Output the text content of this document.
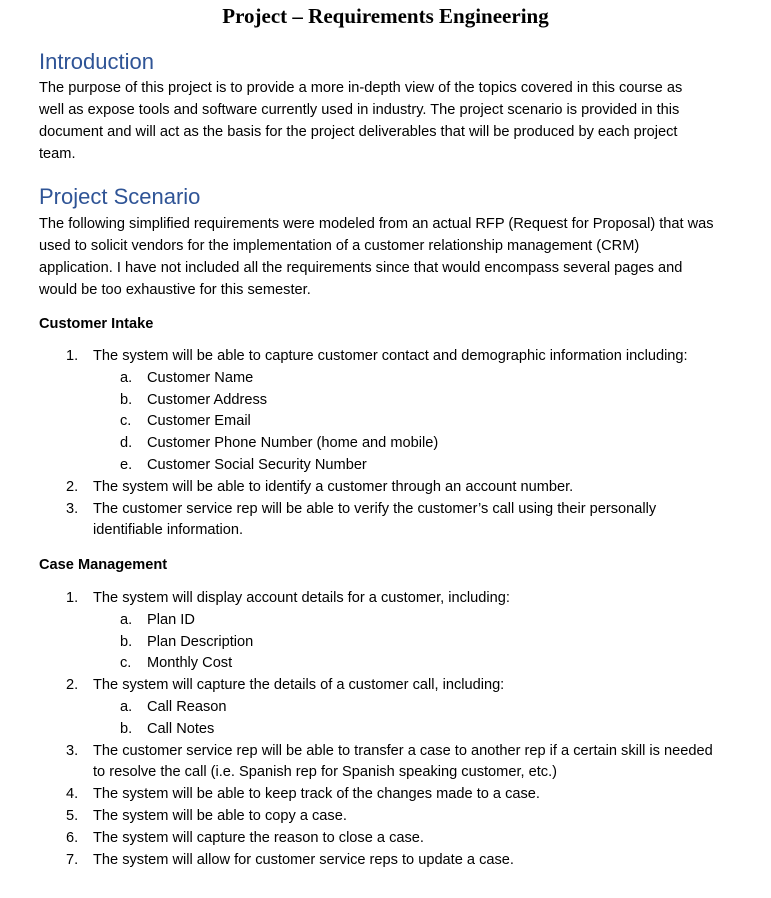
Project – Requirements Engineering
Introduction
The purpose of this project is to provide a more in-depth view of the topics covered in this course as
well as expose tools and software currently used in industry. The project scenario is provided in this
document and will act as the basis for the project deliverables that will be produced by each project
team.
Project Scenario
The following simplified requirements were modeled from an actual RFP (Request for Proposal) that was
used to solicit vendors for the implementation of a customer relationship management (CRM)
application. I have not included all the requirements since that would encompass several pages and
would be too exhaustive for this semester.
Customer Intake
1. The system will be able to capture customer contact and demographic information including:
a. Customer Name
b. Customer Address
c. Customer Email
d. Customer Phone Number (home and mobile)
e. Customer Social Security Number
2. The system will be able to identify a customer through an account number.
3. The customer service rep will be able to verify the customer’s call using their personally
identifiable information.
Case Management
1. The system will display account details for a customer, including:
a. Plan ID
b. Plan Description
c. Monthly Cost
2. The system will capture the details of a customer call, including:
a. Call Reason
b. Call Notes
3. The customer service rep will be able to transfer a case to another rep if a certain skill is needed
to resolve the call (i.e. Spanish rep for Spanish speaking customer, etc.)
4. The system will be able to keep track of the changes made to a case.
5. The system will be able to copy a case.
6. The system will capture the reason to close a case.
7. The system will allow for customer service reps to update a case.
